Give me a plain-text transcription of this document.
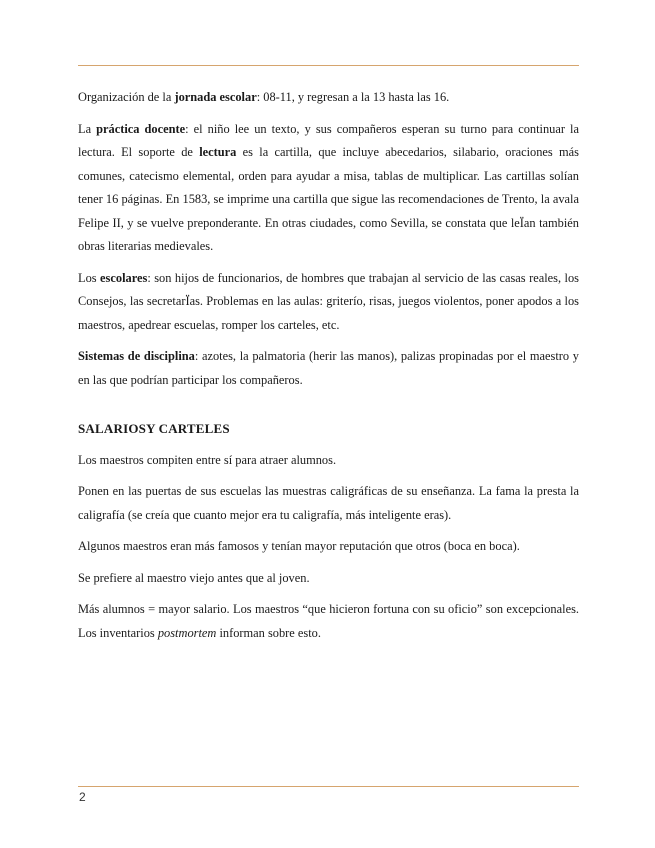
Organización de la jornada escolar: 08-11, y regresan a la 13 hasta las 16.

La práctica docente: el niño lee un texto, y sus compañeros esperan su turno para continuar la lectura. El soporte de lectura es la cartilla, que incluye abecedarios, silabario, oraciones más comunes, catecismo elemental, orden para ayudar a misa, tablas de multiplicar. Las cartillas solían tener 16 páginas. En 1583, se imprime una cartilla que sigue las recomendaciones de Trento, la avala Felipe II, y se vuelve preponderante. En otras ciudades, como Sevilla, se constata que leÏan también obras literarias medievales.

Los escolares: son hijos de funcionarios, de hombres que trabajan al servicio de las casas reales, los Consejos, las secretarÏas. Problemas en las aulas: griterío, risas, juegos violentos, poner apodos a los maestros, apedrear escuelas, romper los carteles, etc.

Sistemas de disciplina: azotes, la palmatoria (herir las manos), palizas propinadas por el maestro y en las que podrían participar los compañeros.

SALARIOSY CARTELES

Los maestros compiten entre sí para atraer alumnos.

Ponen en las puertas de sus escuelas las muestras caligráficas de su enseñanza. La fama la presta la caligrafía (se creía que cuanto mejor era tu caligrafía, más inteligente eras).

Algunos maestros eran más famosos y tenían mayor reputación que otros (boca en boca).

Se prefiere al maestro viejo antes que al joven.

Más alumnos = mayor salario. Los maestros “que hicieron fortuna con su oficio” son excepcionales. Los inventarios postmortem informan sobre esto.

2
